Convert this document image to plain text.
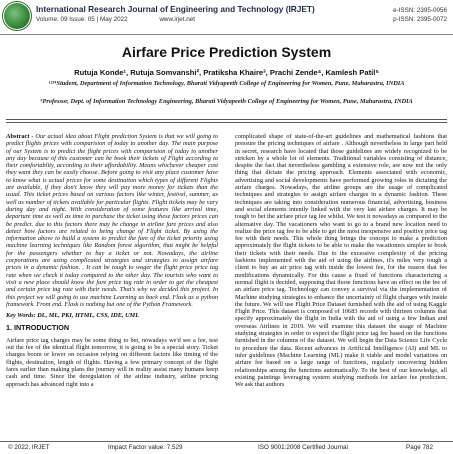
International Research Journal of Engineering and Technology (IRJET)
Volume: 09 Issue: 05 | May 2022	www.irjet.net
e-ISSN: 2395-0056
p-ISSN: 2395-0072
Airfare Price Prediction System
Rutuja Konde¹, Rutuja Somvanshi², Pratiksha Khaire³, Prachi Zende⁴, Kamlesh Patil⁵
¹²³⁴Student, Department of Information Technology, Bharati Vidyapeeth College of Engineering for Women, Pune, Maharastra, INDIA
⁵Professor, Dept. of Information Technology Engineering, Bharati Vidyapeeth College of Engineering for Women, Pune, Maharastra, INDIA
Abstract - Our actual idea about Flight prediction System is that we will going to predict flights prices with comparision of today to another day. The main purpose of our System is to predict the flight prices with comparision of today to another any day because of this customer can be book their tickets of Flight according to their comfortablity, according to their affordability. Means whichever cheaper cost they want they can be easily choose. Before going to visit any place customer have to know what is actual prices for some destination which types of different Flights are available, if they don't know they will pay more money for tickets than the usual. This ticket prices based on various factors like winter, festival, summer, as well as number of tickets available for particular flights. Flight tickets may be vary during day and night. With consideration of some features like arrival time, departure time as well as time to purchase the ticket using these factors prices can be predict. due to this factors there may be change in airline fare prices and also detect how factors are related to being change of Flight ticket. By using the information above to build a system to predict the fare of the ticket priority using machine learning techniques like Random forest algorithm, that might be helpful for the passengers whether to buy a ticket or not. Nowadays, the airline corporations are using complicated strategies and strategies to assign airfare prices in a dynamic fashion. . It can be tough to wager the flight price price tag rate when we check it today compared to the other day. The tourists who want to visit a new place should know the fare price tag rate in order to get the cheapest and certain price tag rate with their needs. That's why we decided this project. In this project we will going to use machine Learning as back end. Flask as a python framework. Front end. Flask is nothing but one of the Python Framework.
Key Words: DL, ML, PKI, HTML, CSS, IDE, UML
1. INTRODUCTION
Airfare price tag charges may be some thing to bet, nowadays we'd see a fee, test out the fee of the identical flight tomorrow, it is going to be a special story. Ticket charges boom or lower on occasion relying on different factors like timing of the flights, destination, length of flights. Having a few primary concept of the flight fares earlier than making plans the journey will in reality assist many humans keep cash and time. Since the deregulation of the airline industry, airline pricing approach has advanced right into a
complicated shape of state-of-the-art guidelines and mathematical fashions that pressure the pricing techniques of airfare . Although nevertheless in large part held in secret, research have located that those guidelines are widely recognized to be stricken by a whole lot of elements. Traditional variables consisting of distance, despite the fact that nevertheless gambling a extensive role, are now not the only thing that dictate the pricing approach. Elements associated with economic, advertising and social developments have performed growing roles in dictating the airfare charges. Nowadays, the airline groups are the usage of complicated techniques and strategies to assign airfare charges in a dynamic fashion. These techniques are taking into consideration numerous financial, advertising, business and social elements intently linked with the very last airfare charges. It may be tough to bet the airfare price tag fee whilst. We test it nowadays as compared to the alternative day. The vacationers who want to go to a brand new location need to realize the price tag fee to be able to get the most inexpensive and positive price tag fee with their needs. This whole thing brings the concept to make a prediction approximately the flight tickets to be able to make the vacationers simpler to book their tickets with their needs. Due to the excessive complexity of the pricing fashions implemented with the aid of using the airlines, it's miles very tough a client to buy an air price tag with inside the lowest fee, for the reason that fee modifications dynamically. For this cause a fixed of functions characterizing a normal flight is decided, supposing that those functions have an effect on the fee of an airfare price tag. Technology can convey a survival via the implementation of Machine studying strategies to enhance the uncertainty of flight charges with inside the future. We will use Flight Price Dataset furnished with the aid of using Kaggle Flight Price. This dataset is composed of 10683 records with thirteen columns that specify approximately the flight in India with the aid of using a few Indian and overseas Airlines in 2019. We will examine this dataset the usage of Machine studying strategies in order to expect the flight price tag fee based on the functions furnished in the columns of the dataset. We will begin the Data Science Life Cycle to procedure the data. Recent advances in Artificial Intelligence (AI) and ML to infer guidelines (Machine Learning (ML) make it viable and model variations on airfare fee based on a large range of functions, regularly uncovering hidden relationships among the functions automatically. To the best of our knowledge, all existing paintings leveraging system studying methods for airfare fee prediction. We ask that authors
© 2022, IRJET	Impact Factor value: 7.529	ISO 9001:2008 Certified Journal	Page 782
